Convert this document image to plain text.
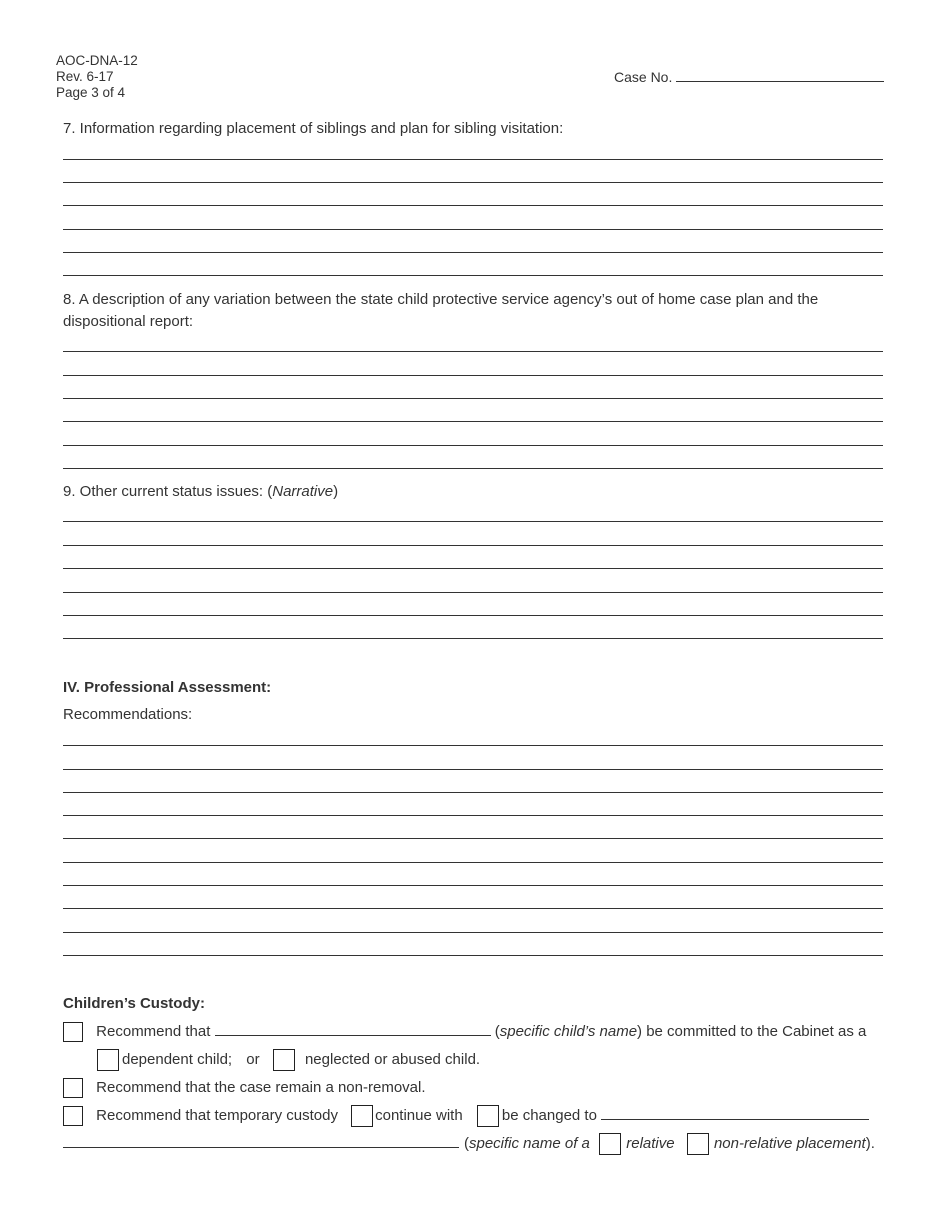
AOC-DNA-12
Rev. 6-17
Page 3 of 4
Case No.
7. Information regarding placement of siblings and plan for sibling visitation:
8. A description of any variation between the state child protective service agency’s out of home case plan and the dispositional report:
9. Other current status issues: (Narrative)
IV. Professional Assessment:
Recommendations:
Children’s Custody:
Recommend that	(specific child’s name) be committed to the Cabinet as a
dependent child; or	neglected or abused child.
Recommend that the case remain a non-removal.
Recommend that temporary custody continue with	be changed to
(specific name of a relative	non-relative placement).
